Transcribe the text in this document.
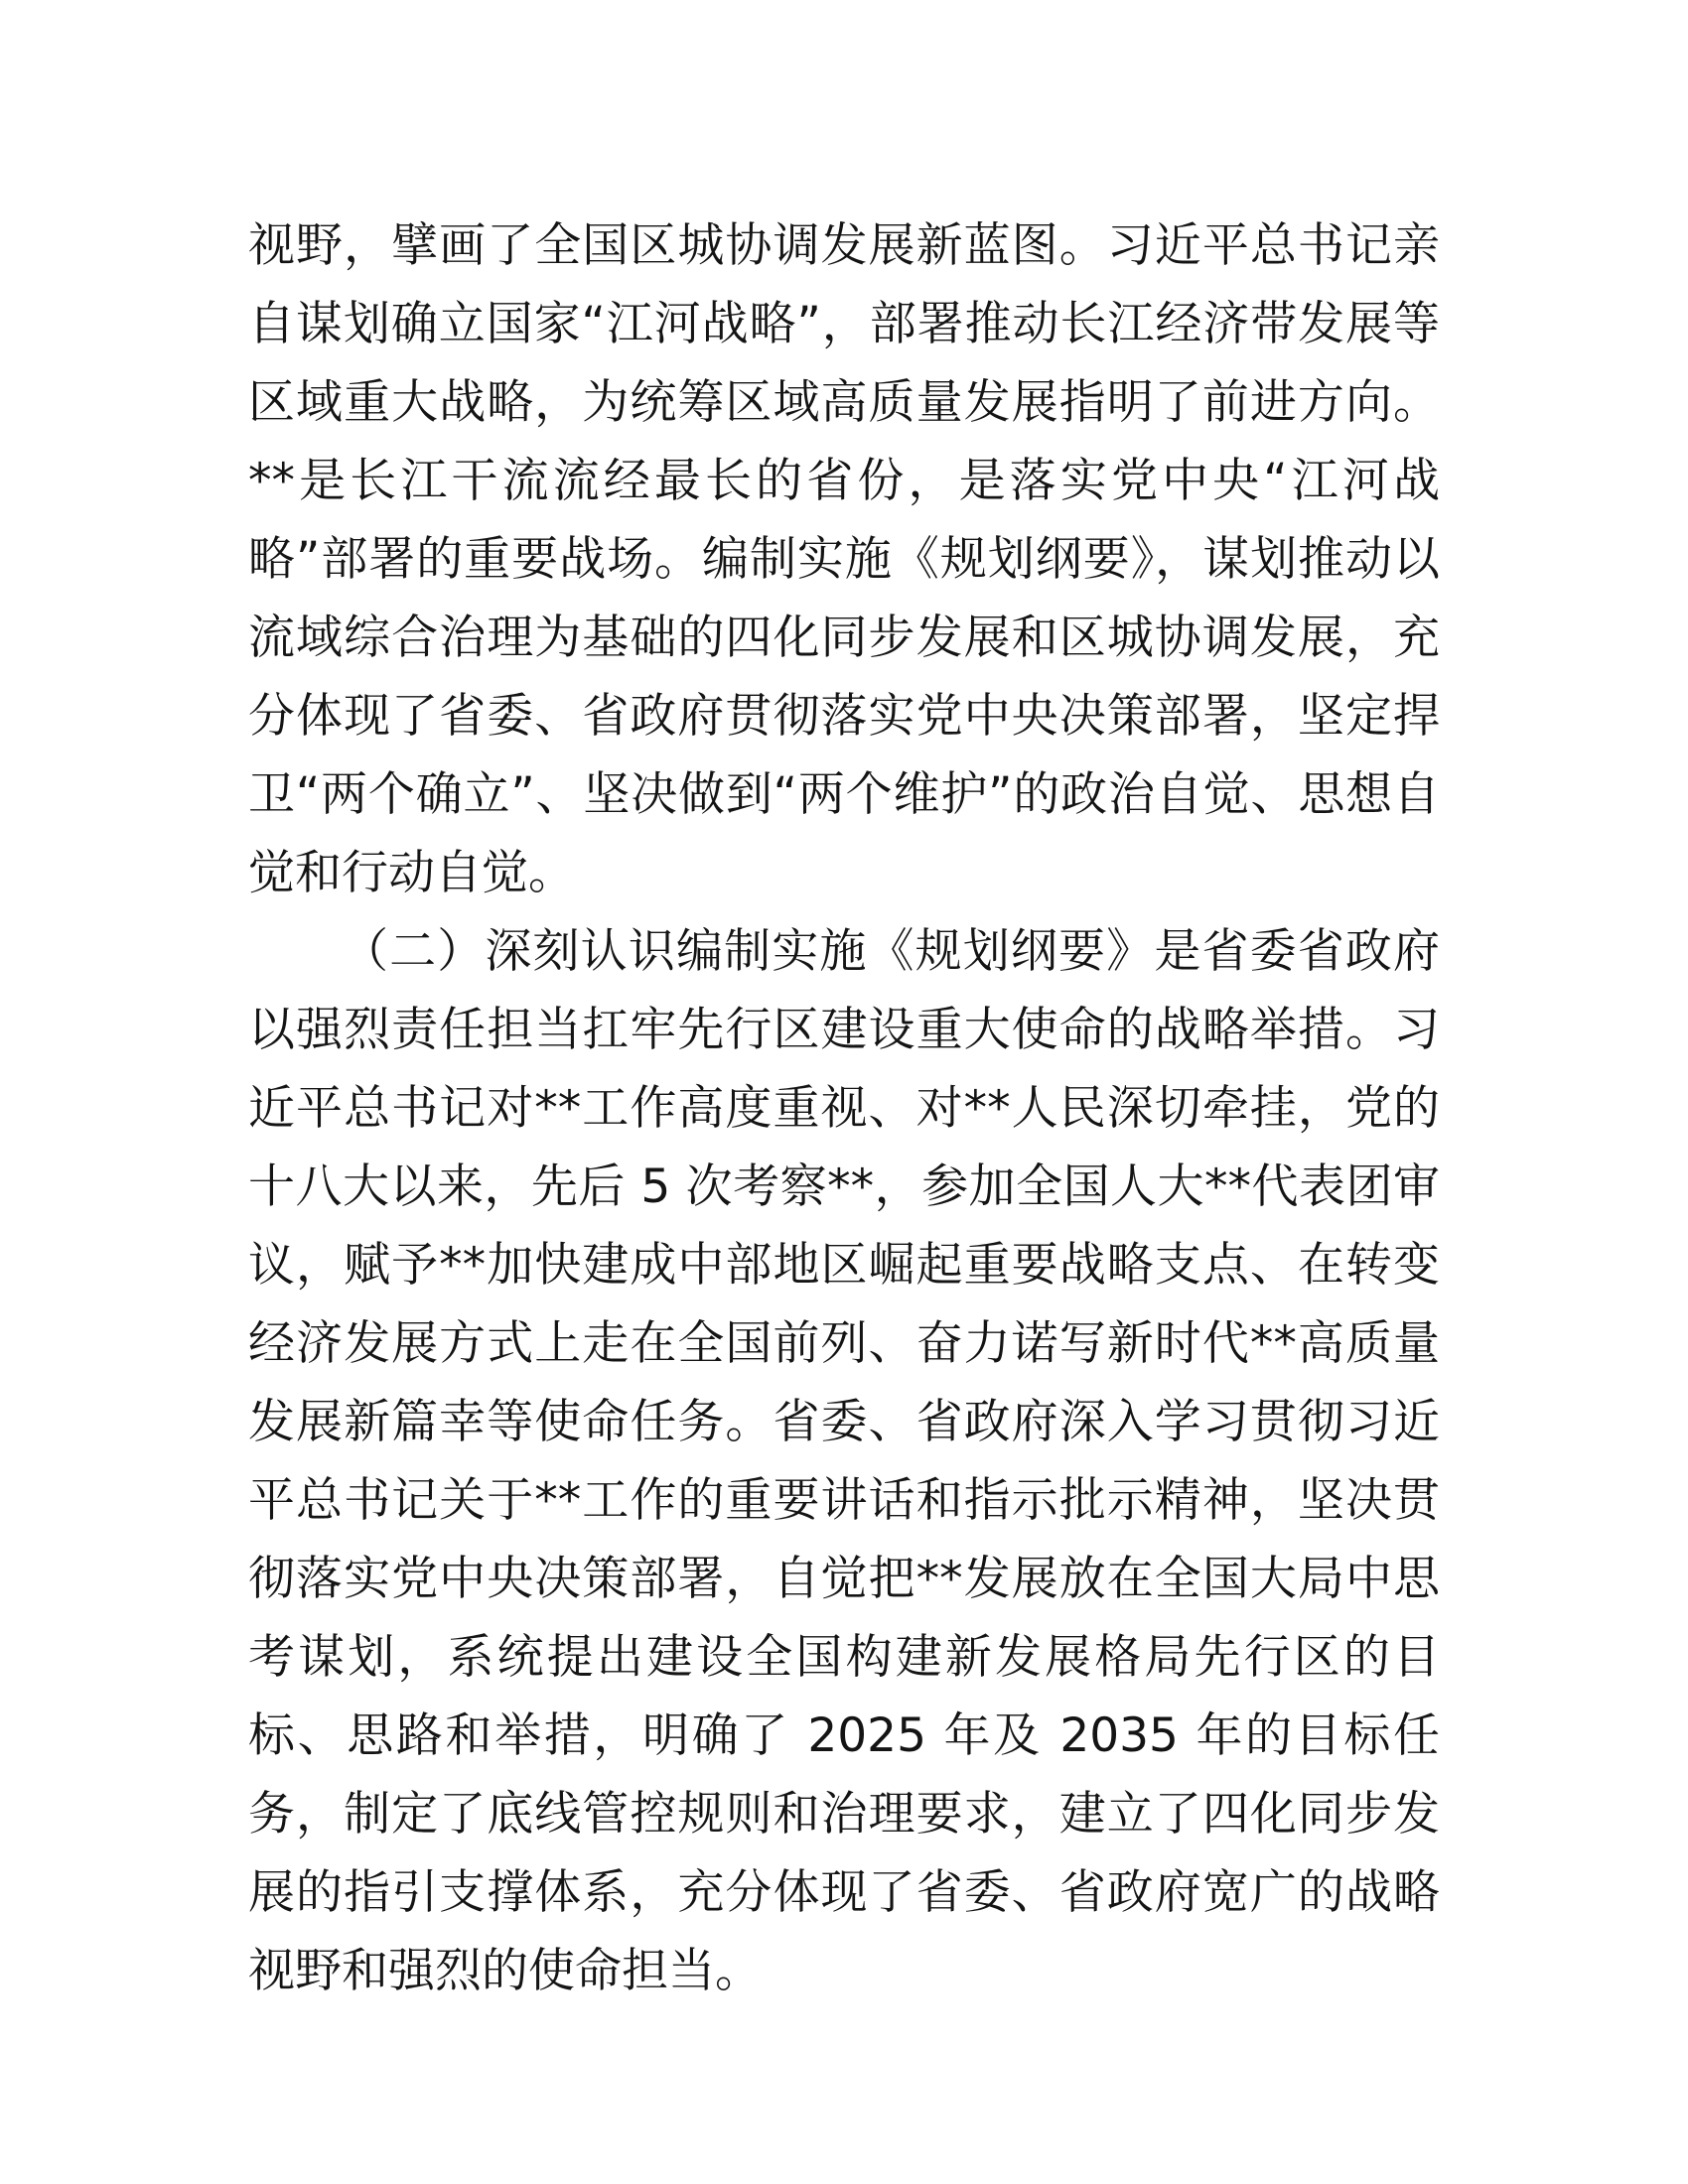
视野，擘画了全国区城协调发展新蓝图。习近平总书记亲自谋划确立国家“江河战略”，部署推动长江经济带发展等区域重大战略，为统筹区域高质量发展指明了前进方向。**是长江干流流经最长的省份，是落实党中央“江河战略”部署的重要战场。编制实施《规划纲要》，谋划推动以流域综合治理为基础的四化同步发展和区城协调发展，充分体现了省委、省政府贯彻落实党中央决策部署，坚定捍卫“两个确立”、坚决做到“两个维护”的政治自觉、思想自觉和行动自觉。

（二）深刻认识编制实施《规划纲要》是省委省政府以强烈责任担当扛牢先行区建设重大使命的战略举措。习近平总书记对**工作高度重视、对**人民深切牵挂，党的十八大以来，先后 5 次考察**，参加全国人大**代表团审议，赋予**加快建成中部地区崛起重要战略支点、在转变经济发展方式上走在全国前列、奋力诺写新时代**高质量发展新篇幸等使命任务。省委、省政府深入学习贯彻习近平总书记关于**工作的重要讲话和指示批示精神，坚决贯彻落实党中央决策部署，自觉把**发展放在全国大局中思考谋划，系统提出建设全国构建新发展格局先行区的目标、思路和举措，明确了 2025 年及 2035 年的目标任务，制定了底线管控规则和治理要求，建立了四化同步发展的指引支撑体系，充分体现了省委、省政府宽广的战略视野和强烈的使命担当。
